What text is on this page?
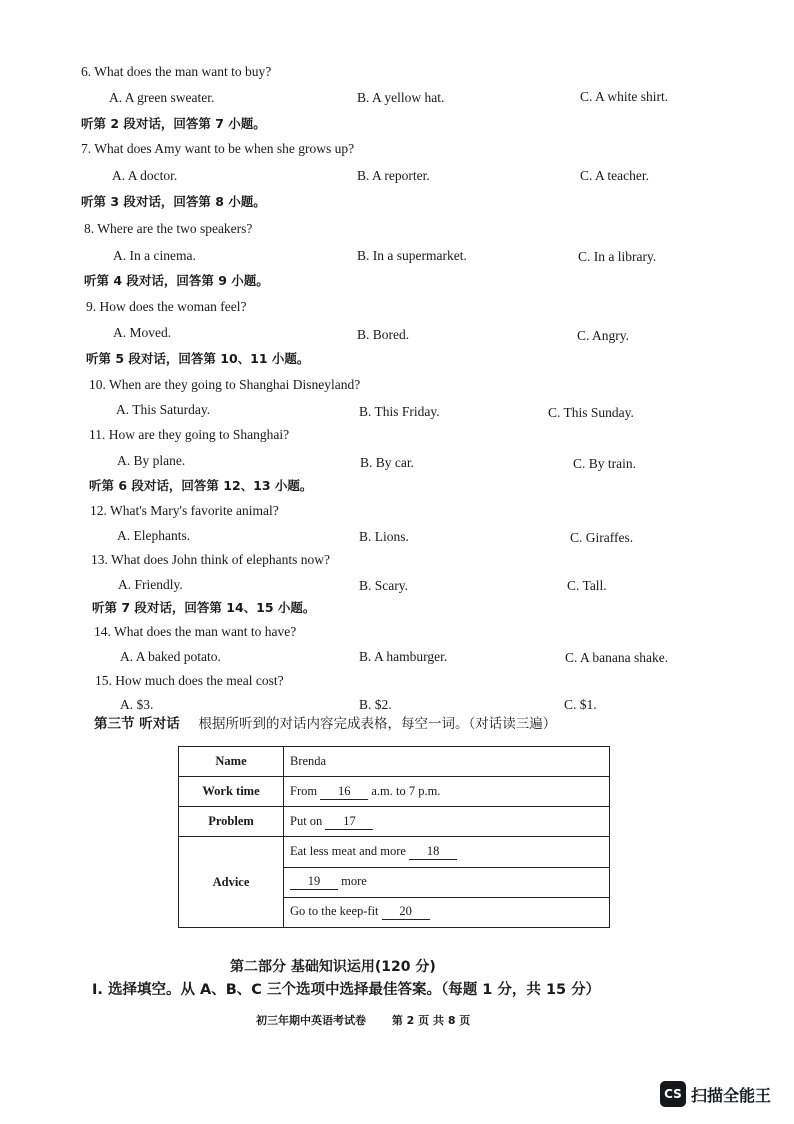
6. What does the man want to buy?
A. A green sweater.	B. A yellow hat.	C. A white shirt.
听第 2 段对话，回答第 7 小题。
7. What does Amy want to be when she grows up?
A. A doctor.	B. A reporter.	C. A teacher.
听第 3 段对话，回答第 8 小题。
8. Where are the two speakers?
A. In a cinema.	B. In a supermarket.	C. In a library.
听第 4 段对话，回答第 9 小题。
9. How does the woman feel?
A. Moved.	B. Bored.	C. Angry.
听第 5 段对话，回答第 10、11 小题。
10. When are they going to Shanghai Disneyland?
A. This Saturday.	B. This Friday.	C. This Sunday.
11. How are they going to Shanghai?
A. By plane.	B. By car.	C. By train.
听第 6 段对话，回答第 12、13 小题。
12. What's Mary's favorite animal?
A. Elephants.	B. Lions.	C. Giraffes.
13. What does John think of elephants now?
A. Friendly.	B. Scary.	C. Tall.
听第 7 段对话，回答第 14、15 小题。
14. What does the man want to have?
A. A baked potato.	B. A hamburger.	C. A banana shake.
15. How much does the meal cost?
A. $3.	B. $2.	C. $1.
第三节 听对话 根据所听到的对话内容完成表格，每空一词。（对话读三遍）
Name	Brenda
Work time	From 16 a.m. to 7 p.m.
Problem	Put on 17
Advice	Eat less meat and more 18
	19 more
	Go to the keep-fit 20
第二部分 基础知识运用(120 分)
I. 选择填空。从 A、B、C 三个选项中选择最佳答案。（每题 1 分，共 15 分）
初三年期中英语考试卷 第 2 页 共 8 页
CS 扫描全能王
